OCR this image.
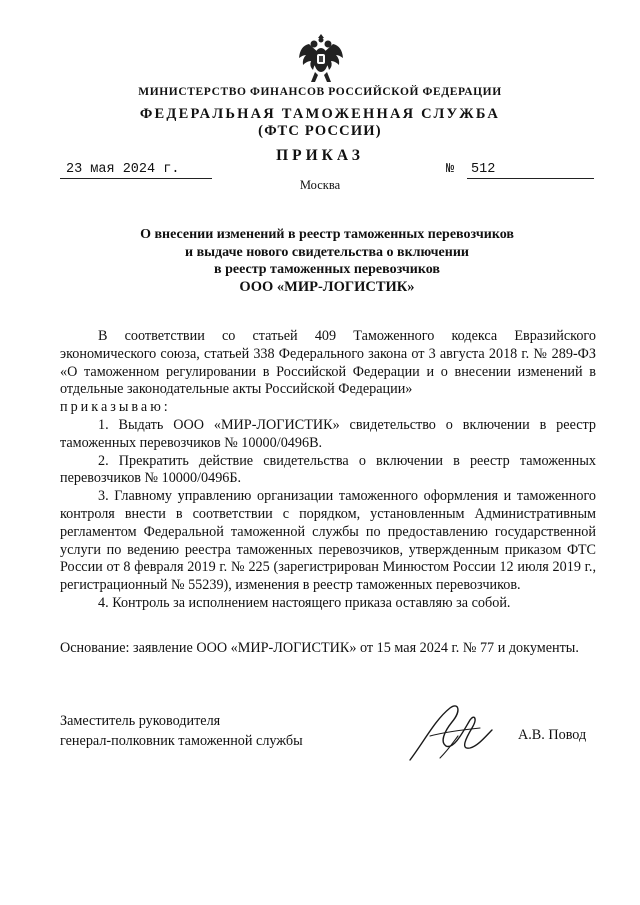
МИНИСТЕРСТВО ФИНАНСОВ РОССИЙСКОЙ ФЕДЕРАЦИИ
ФЕДЕРАЛЬНАЯ ТАМОЖЕННАЯ СЛУЖБА
(ФТС РОССИИ)
ПРИКАЗ
23 мая 2024 г.	№ 512
Москва
О внесении изменений в реестр таможенных перевозчиков
и выдаче нового свидетельства о включении
в реестр таможенных перевозчиков
ООО «МИР-ЛОГИСТИК»

В соответствии со статьей 409 Таможенного кодекса Евразийского экономического союза, статьей 338 Федерального закона от 3 августа 2018 г. № 289-ФЗ «О таможенном регулировании в Российской Федерации и о внесении изменений в отдельные законодательные акты Российской Федерации»

приказываю:

1. Выдать ООО «МИР-ЛОГИСТИК» свидетельство о включении в реестр таможенных перевозчиков № 10000/0496В.

2. Прекратить действие свидетельства о включении в реестр таможенных перевозчиков № 10000/0496Б.

3. Главному управлению организации таможенного оформления и таможенного контроля внести в соответствии с порядком, установленным Административным регламентом Федеральной таможенной службы по предоставлению государственной услуги по ведению реестра таможенных перевозчиков, утвержденным приказом ФТС России от 8 февраля 2019 г. № 225 (зарегистрирован Минюстом России 12 июля 2019 г., регистрационный № 55239), изменения в реестр таможенных перевозчиков.

4. Контроль за исполнением настоящего приказа оставляю за собой.

Основание: заявление ООО «МИР-ЛОГИСТИК» от 15 мая 2024 г. № 77 и документы.

Заместитель руководителя
генерал-полковник таможенной службы	А.В. Повод
